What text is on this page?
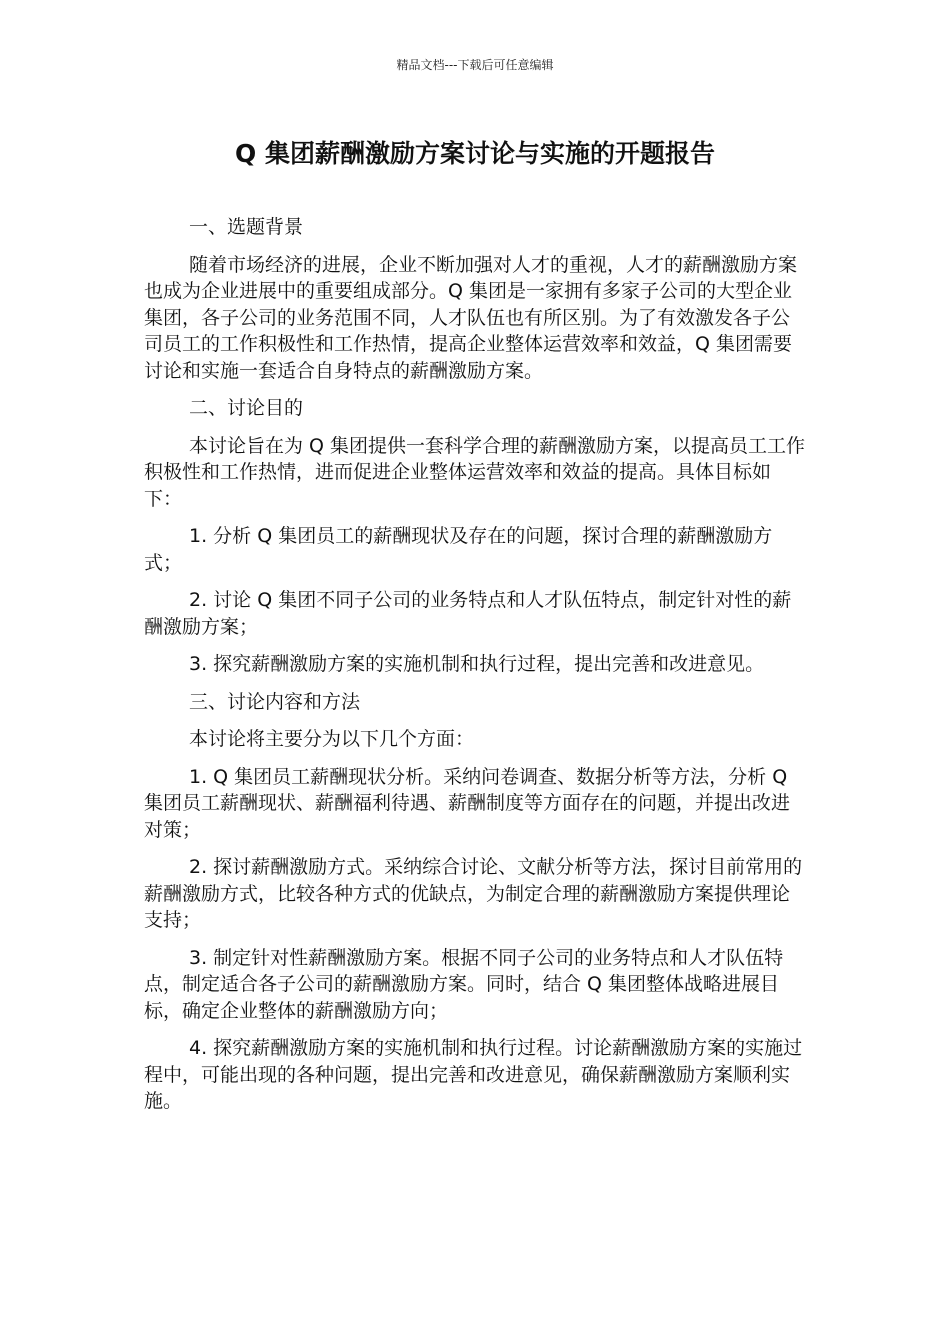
精品文档---下载后可任意编辑
Q 集团薪酬激励方案讨论与实施的开题报告

一、选题背景

随着市场经济的进展，企业不断加强对人才的重视，人才的薪酬激励方案也成为企业进展中的重要组成部分。Q 集团是一家拥有多家子公司的大型企业集团，各子公司的业务范围不同，人才队伍也有所区别。为了有效激发各子公司员工的工作积极性和工作热情，提高企业整体运营效率和效益，Q 集团需要讨论和实施一套适合自身特点的薪酬激励方案。

二、讨论目的

本讨论旨在为 Q 集团提供一套科学合理的薪酬激励方案，以提高员工工作积极性和工作热情，进而促进企业整体运营效率和效益的提高。具体目标如下：

1. 分析 Q 集团员工的薪酬现状及存在的问题，探讨合理的薪酬激励方式；
2. 讨论 Q 集团不同子公司的业务特点和人才队伍特点，制定针对性的薪酬激励方案；
3. 探究薪酬激励方案的实施机制和执行过程，提出完善和改进意见。

三、讨论内容和方法

本讨论将主要分为以下几个方面：

1. Q 集团员工薪酬现状分析。采纳问卷调查、数据分析等方法，分析 Q 集团员工薪酬现状、薪酬福利待遇、薪酬制度等方面存在的问题，并提出改进对策；
2. 探讨薪酬激励方式。采纳综合讨论、文献分析等方法，探讨目前常用的薪酬激励方式，比较各种方式的优缺点，为制定合理的薪酬激励方案提供理论支持；
3. 制定针对性薪酬激励方案。根据不同子公司的业务特点和人才队伍特点，制定适合各子公司的薪酬激励方案。同时，结合 Q 集团整体战略进展目标，确定企业整体的薪酬激励方向；
4. 探究薪酬激励方案的实施机制和执行过程。讨论薪酬激励方案的实施过程中，可能出现的各种问题，提出完善和改进意见，确保薪酬激励方案顺利实施。
